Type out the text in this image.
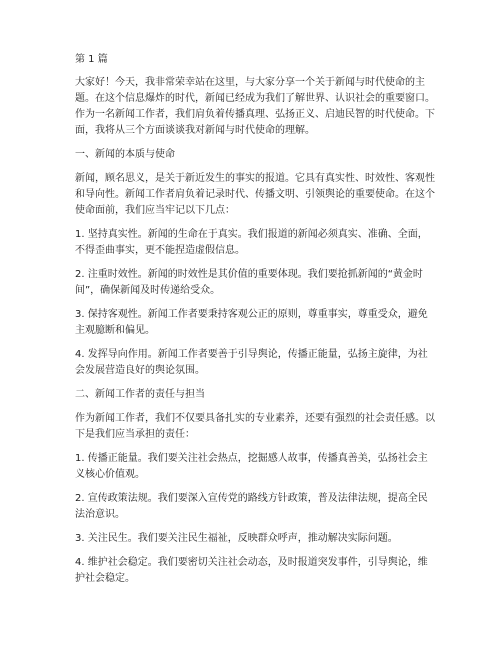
第 1 篇
大家好！今天，我非常荣幸站在这里，与大家分享一个关于新闻与时代使命的主题。在这个信息爆炸的时代，新闻已经成为我们了解世界、认识社会的重要窗口。作为一名新闻工作者，我们肩负着传播真理、弘扬正义、启迪民智的时代使命。下面，我将从三个方面谈谈我对新闻与时代使命的理解。
一、新闻的本质与使命
新闻，顾名思义，是关于新近发生的事实的报道。它具有真实性、时效性、客观性和导向性。新闻工作者肩负着记录时代、传播文明、引领舆论的重要使命。在这个使命面前，我们应当牢记以下几点：
1. 坚持真实性。新闻的生命在于真实。我们报道的新闻必须真实、准确、全面，不得歪曲事实，更不能捏造虚假信息。
2. 注重时效性。新闻的时效性是其价值的重要体现。我们要抢抓新闻的“黄金时间”，确保新闻及时传递给受众。
3. 保持客观性。新闻工作者要秉持客观公正的原则，尊重事实，尊重受众，避免主观臆断和偏见。
4. 发挥导向作用。新闻工作者要善于引导舆论，传播正能量，弘扬主旋律，为社会发展营造良好的舆论氛围。
二、新闻工作者的责任与担当
作为新闻工作者，我们不仅要具备扎实的专业素养，还要有强烈的社会责任感。以下是我们应当承担的责任：
1. 传播正能量。我们要关注社会热点，挖掘感人故事，传播真善美，弘扬社会主义核心价值观。
2. 宣传政策法规。我们要深入宣传党的路线方针政策，普及法律法规，提高全民法治意识。
3. 关注民生。我们要关注民生福祉，反映群众呼声，推动解决实际问题。
4. 维护社会稳定。我们要密切关注社会动态，及时报道突发事件，引导舆论，维护社会稳定。
